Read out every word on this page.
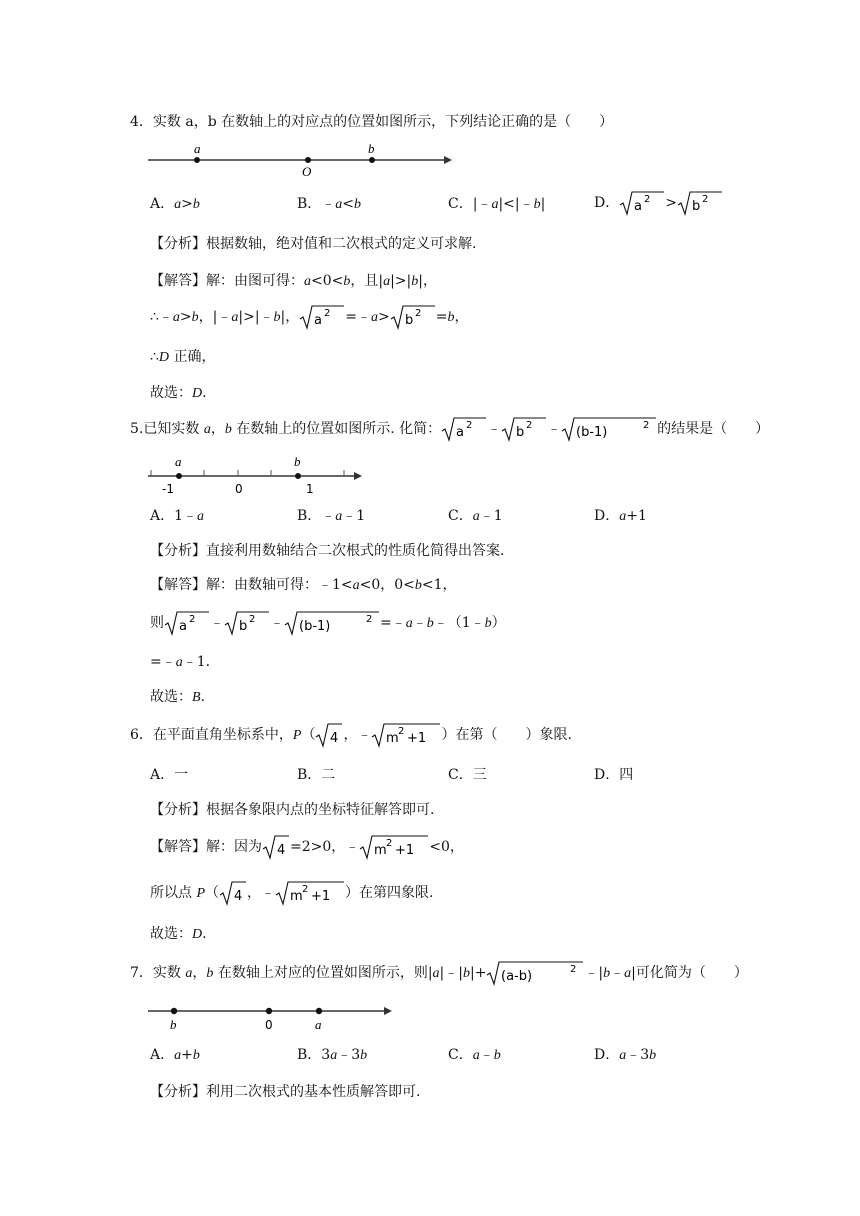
4．实数 a，b 在数轴上的对应点的位置如图所示，下列结论正确的是（　　）
a
O
b
A．a>b	B．﹣a<b	C．|﹣a|<|﹣b|	D． a 2 > b 2
【分析】根据数轴，绝对值和二次根式的定义可求解.
【解答】解：由图可得：a<0<b，且|a|>|b|，
∴﹣a>b，|﹣a|>|﹣b|， a 2 =﹣a> b 2 =b，
∴D 正确，
故选：D.
5.已知实数 a，b 在数轴上的位置如图所示. 化简： a 2 ﹣ b 2 ﹣ (b-1)	2 的结果是（　　）
a	b
-1	0	1
A．1﹣a	B．﹣a﹣1	C．a﹣1	D．a+1
【分析】直接利用数轴结合二次根式的性质化简得出答案.
【解答】解：由数轴可得：﹣1<a<0，0<b<1，
则 a 2 ﹣ b 2 ﹣ (b-1)	2 =﹣a﹣b﹣（1﹣b）
=﹣a﹣1.
故选：B.
6．在平面直角坐标系中，P（ 4 ，﹣ m 2 +1 ）在第（　　）象限.
A．一	B．二	C．三	D．四
【分析】根据各象限内点的坐标特征解答即可.
【解答】解：因为 4 =2>0，﹣ m 2 +1 <0，
所以点 P（ 4 ，﹣ m 2 +1 ）在第四象限.
故选：D.
7．实数 a，b 在数轴上对应的位置如图所示，则|a|﹣|b|+ (a-b)	2 ﹣|b﹣a|可化简为（　　）
b	0	a
A．a+b	B．3a﹣3b	C．a﹣b	D．a﹣3b
【分析】利用二次根式的基本性质解答即可.
